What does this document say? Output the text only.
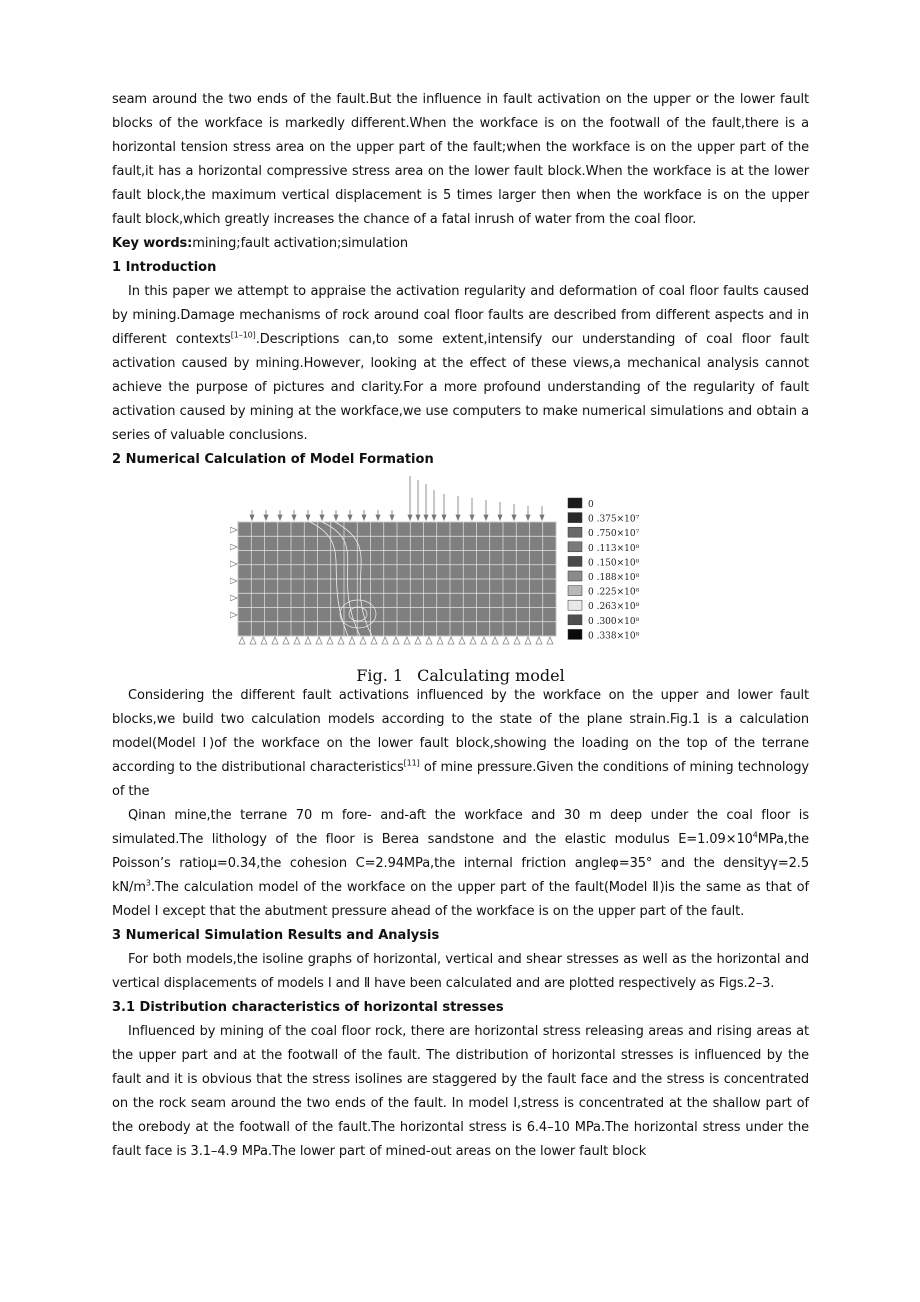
seam around the two ends of the fault.But the influence in fault activation on the upper or the lower fault blocks of the workface is markedly different.When the workface is on the footwall of the fault,there is a horizontal tension stress area on the upper part of the fault;when the workface is on the upper part of the fault,it has a horizontal compressive stress area on the lower fault block.When the workface is at the lower fault block,the maximum vertical displacement is 5 times larger then when the workface is on the upper fault block,which greatly increases the chance of a fatal inrush of water from the coal floor.

Key words:mining;fault activation;simulation

1 Introduction

In this paper we attempt to appraise the activation regularity and deformation of coal floor faults caused by mining.Damage mechanisms of rock around coal floor faults are described from different aspects and in different contexts[1–10].Descriptions can,to some extent,intensify our understanding of coal floor fault activation caused by mining.However, looking at the effect of these views,a mechanical analysis cannot achieve the purpose of pictures and clarity.For a more profound understanding of the regularity of fault activation caused by mining at the workface,we use computers to make numerical simulations and obtain a series of valuable conclusions.

2 Numerical Calculation of Model Formation

0
0 .375×10⁷
0 .750×10⁷
0 .113×10⁸
0 .150×10⁸
0 .188×10⁸
0 .225×10⁸
0 .263×10⁸
0 .300×10⁸
0 .338×10⁸
Fig. 1 Calculating model

Considering the different fault activations influenced by the workface on the upper and lower fault blocks,we build two calculation models according to the state of the plane strain.Fig.1 is a calculation model(Model Ⅰ)of the workface on the lower fault block,showing the loading on the top of the terrane according to the distributional characteristics[11] of mine pressure.Given the conditions of mining technology of the

Qinan mine,the terrane 70 m fore- and-aft the workface and 30 m deep under the coal floor is simulated.The lithology of the floor is Berea sandstone and the elastic modulus $E=1.09\times 10^4MPa,the$ Poisson’s ratioμ=0.34,the cohesion C=2.94MPa,the internal friction angleφ=35° and the densityγ=2.5 $kN/m^3.The$ calculation model of the workface on the upper part of the fault(Model Ⅱ)is the same as that of Model Ⅰ except that the abutment pressure ahead of the workface is on the upper part of the fault.

3 Numerical Simulation Results and Analysis

For both models,the isoline graphs of horizontal, vertical and shear stresses as well as the horizontal and vertical displacements of models Ⅰ and Ⅱ have been calculated and are plotted respectively as Figs.2–3.

3.1 Distribution characteristics of horizontal stresses

Influenced by mining of the coal floor rock, there are horizontal stress releasing areas and rising areas at the upper part and at the footwall of the fault. The distribution of horizontal stresses is influenced by the fault and it is obvious that the stress isolines are staggered by the fault face and the stress is concentrated on the rock seam around the two ends of the fault. In model I,stress is concentrated at the shallow part of the orebody at the footwall of the fault.The horizontal stress is 6.4–10 MPa.The horizontal stress under the fault face is 3.1–4.9 MPa.The lower part of mined-out areas on the lower fault block
